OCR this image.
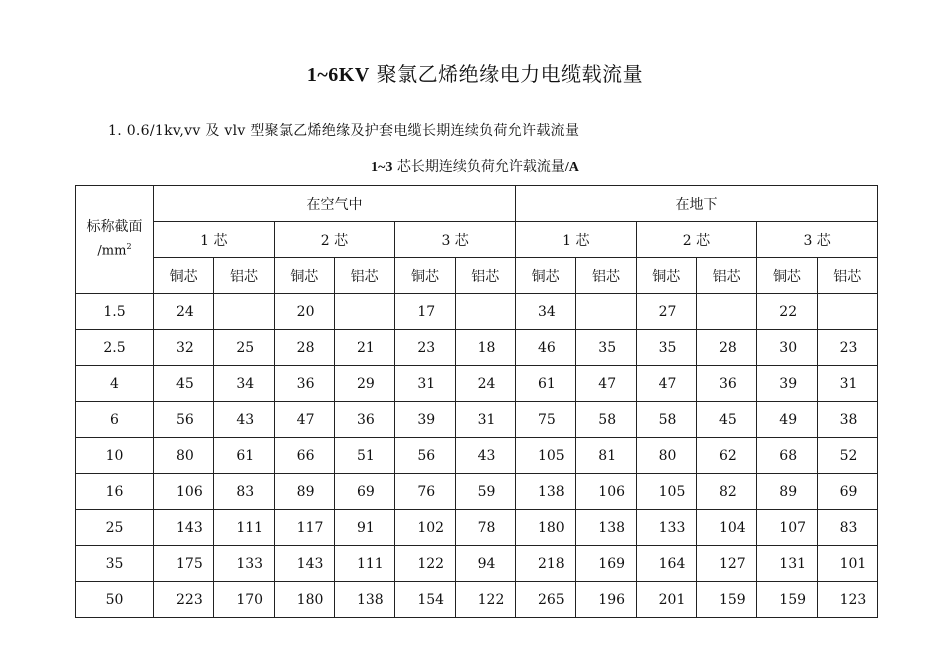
1~6KV 聚氯乙烯绝缘电力电缆载流量
1. 0.6/1kv,vv 及 vlv 型聚氯乙烯绝缘及护套电缆长期连续负荷允许载流量
1~3 芯长期连续负荷允许载流量/A
标称截面
$/mm^2$	在空气中						在地下					
	1 芯		2 芯		3 芯		1 芯		2 芯		3 芯	
	铜芯	铝芯	铜芯	铝芯	铜芯	铝芯	铜芯	铝芯	铜芯	铝芯	铜芯	铝芯
1.5	24		20		17		34		27		22	
2.5	32	25	28	21	23	18	46	35	35	28	30	23
4	45	34	36	29	31	24	61	47	47	36	39	31
6	56	43	47	36	39	31	75	58	58	45	49	38
10	80	61	66	51	56	43	105	81	80	62	68	52
16	106	83	89	69	76	59	138	106	105	82	89	69
25	143	111	117	91	102	78	180	138	133	104	107	83
35	175	133	143	111	122	94	218	169	164	127	131	101
50	223	170	180	138	154	122	265	196	201	159	159	123
